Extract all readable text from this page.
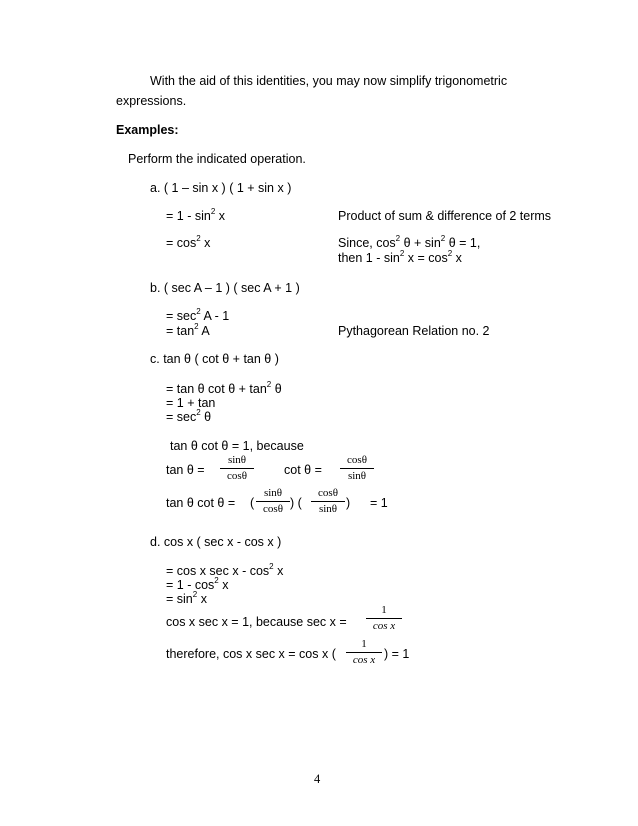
With the aid of this identities, you may now simplify trigonometric
expressions.
Examples:
Perform the indicated operation.
a. ( 1 – sin x ) ( 1 + sin x )
= $1 - \sin^2 x$	Product of sum & difference of 2 terms
= $\cos^2 x$	Since, $\cos^2 \theta + \sin^2 \theta = 1$,
then $1 - \sin^2 x = \cos^2 x$
b. ( sec A – 1 ) ( sec A + 1 )
= $\sec^2 A - 1$
= $\tan^2 A$	Pythagorean Relation no. 2
c. tan θ ( cot θ + tan θ )
= tan θ $\cot \theta + \tan^2 \theta$
= 1 + tan
= $\sec^2 \theta$
tan θ cot θ = 1, because
tan θ =
sinθ
cosθ	cot θ =
cosθ
sinθ
tan θ cot θ = (
sinθ
cosθ ) (
cosθ
sinθ ) = 1
d. cos x ( sec x - cos x )
= cos x sec x - $\cos^2 x$
= $1 - \cos^2 x$
= $\sin^2 x$
cos x sec x = 1, because sec x =
1
cos x
therefore, cos x sec x = cos x (
1
cos x ) = 1
4
